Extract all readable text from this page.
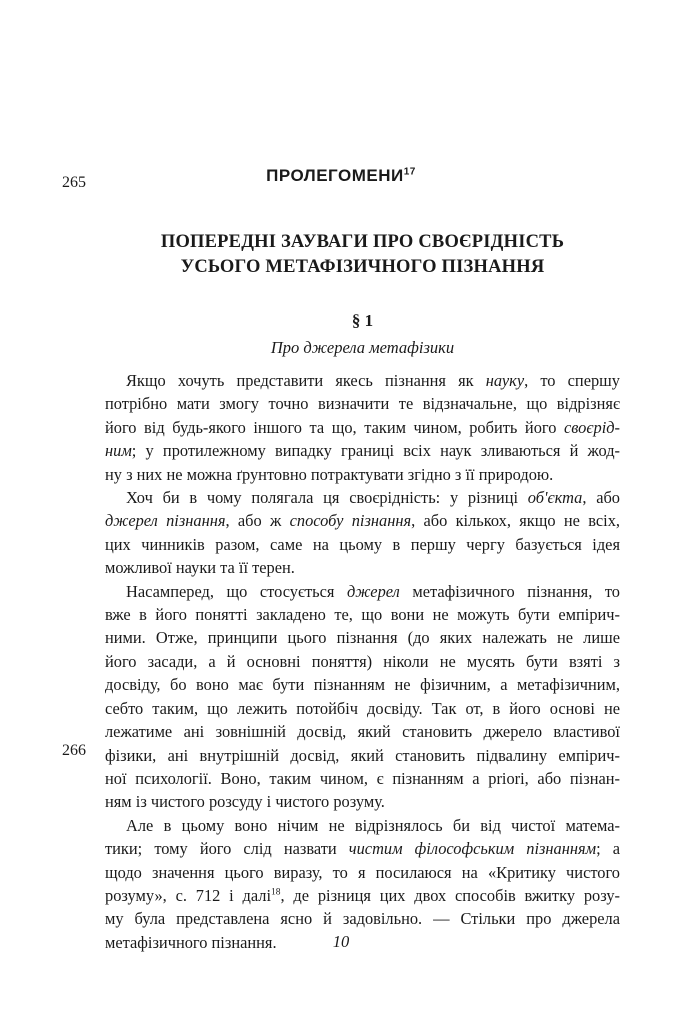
265
266
ПРОЛЕГОМЕНИ$^{17}$
ПОПЕРЕДНІ ЗАУВАГИ ПРО СВОЄРІДНІСТЬ
УСЬОГО МЕТАФІЗИЧНОГО ПІЗНАННЯ
§ 1
Про джерела метафізики

Якщо хочуть представити якесь пізнання як науку, то спершу
потрібно мати змогу точно визначити те відзначальне, що відрізняє
його від будь-якого іншого та що, таким чином, робить його своєрід-
ним; у протилежному випадку границі всіх наук зливаються й жод-
ну з них не можна ґрунтовно потрактувати згідно з її природою.

Хоч би в чому полягала ця своєрідність: у різниці об'єкта, або
джерел пізнання, або ж способу пізнання, або кількох, якщо не всіх,
цих чинників разом, саме на цьому в першу чергу базується ідея
можливої науки та її терен.

Насамперед, що стосується джерел метафізичного пізнання, то
вже в його понятті закладено те, що вони не можуть бути емпірич-
ними. Отже, принципи цього пізнання (до яких належать не лише
його засади, а й основні поняття) ніколи не мусять бути взяті з
досвіду, бо воно має бути пізнанням не фізичним, а метафізичним,
себто таким, що лежить потойбіч досвіду. Так от, в його основі не
лежатиме ані зовнішній досвід, який становить джерело властивої
фізики, ані внутрішній досвід, який становить підвалину емпірич-
ної психології. Воно, таким чином, є пізнанням a priori, або пізнан-
ням із чистого розсуду і чистого розуму.

Але в цьому воно нічим не відрізнялось би від чистої матема-
тики; тому його слід назвати чистим філософським пізнанням; а
щодо значення цього виразу, то я посилаюся на «Критику чистого
розуму», с. 712 і далі$^{18}$, де різниця цих двох способів вжитку розу-
му була представлена ясно й задовільно. — Стільки про джерела
метафізичного пізнання.	10
